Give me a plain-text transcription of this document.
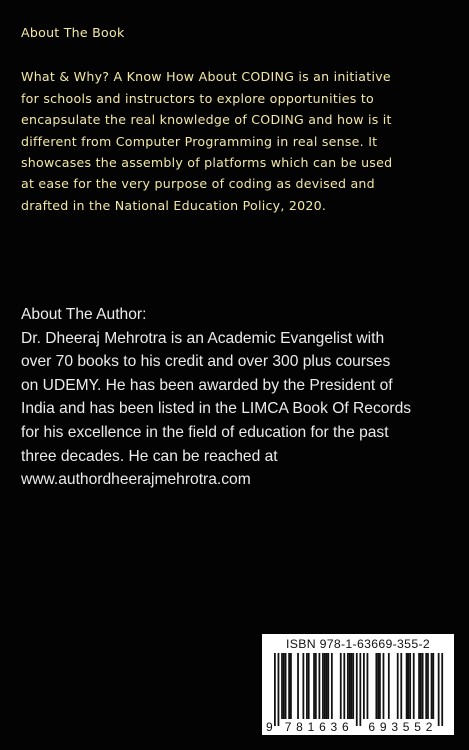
About The Book

What & Why? A Know How About CODING is an initiative
for schools and instructors to explore opportunities to
encapsulate the real knowledge of CODING and how is it
different from Computer Programming in real sense. It
showcases the assembly of platforms which can be used
at ease for the very purpose of coding as devised and
drafted in the National Education Policy, 2020.

About The Author:

Dr. Dheeraj Mehrotra is an Academic Evangelist with
over 70 books to his credit and over 300 plus courses
on UDEMY. He has been awarded by the President of
India and has been listed in the LIMCA Book Of Records
for his excellence in the field of education for the past
three decades. He can be reached at
www.authordheerajmehrotra.com

ISBN 978-1-63669-355-2
9 781636 693552
